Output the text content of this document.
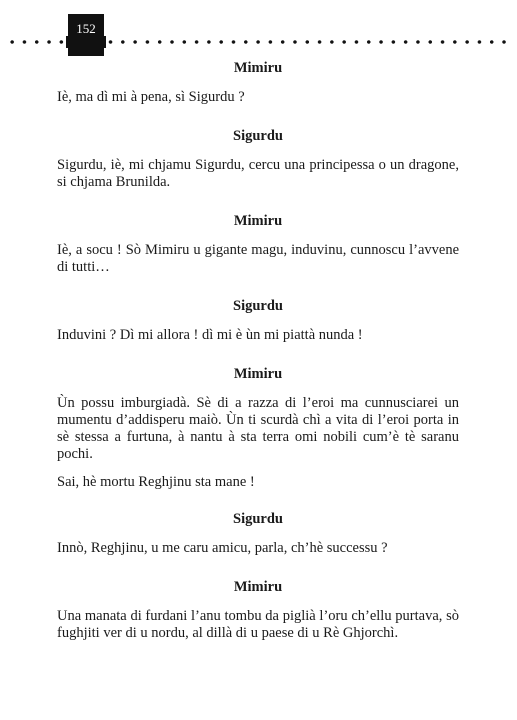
152

Mimiru

Iè, ma dì mi à pena, sì Sigurdu ?

Sigurdu

Sigurdu, iè, mi chjamu Sigurdu, cercu una principessa o un dragone, si chjama Brunilda.

Mimiru

Iè, a socu ! Sò Mimiru u gigante magu, induvinu, cunnoscu l’avvene di tutti…

Sigurdu

Induvini ? Dì mi allora ! dì mi è ùn mi piattà nunda !

Mimiru

Ùn possu imburgiadà. Sè di a razza di l’eroi ma cunnusciarei un mumentu d’addisperu maiò. Ùn ti scurdà chì a vita di l’eroi porta in sè stessa a furtuna, à nantu à sta terra omi nobili cum’è tè saranu pochi.

Sai, hè mortu Reghjinu sta mane !

Sigurdu

Innò, Reghjinu, u me caru amicu, parla, ch’hè successu ?

Mimiru

Una manata di furdani l’anu tombu da piglià l’oru ch’ellu purtava, sò fughjiti ver di u nordu, al dillà di u paese di u Rè Ghjorchì.
